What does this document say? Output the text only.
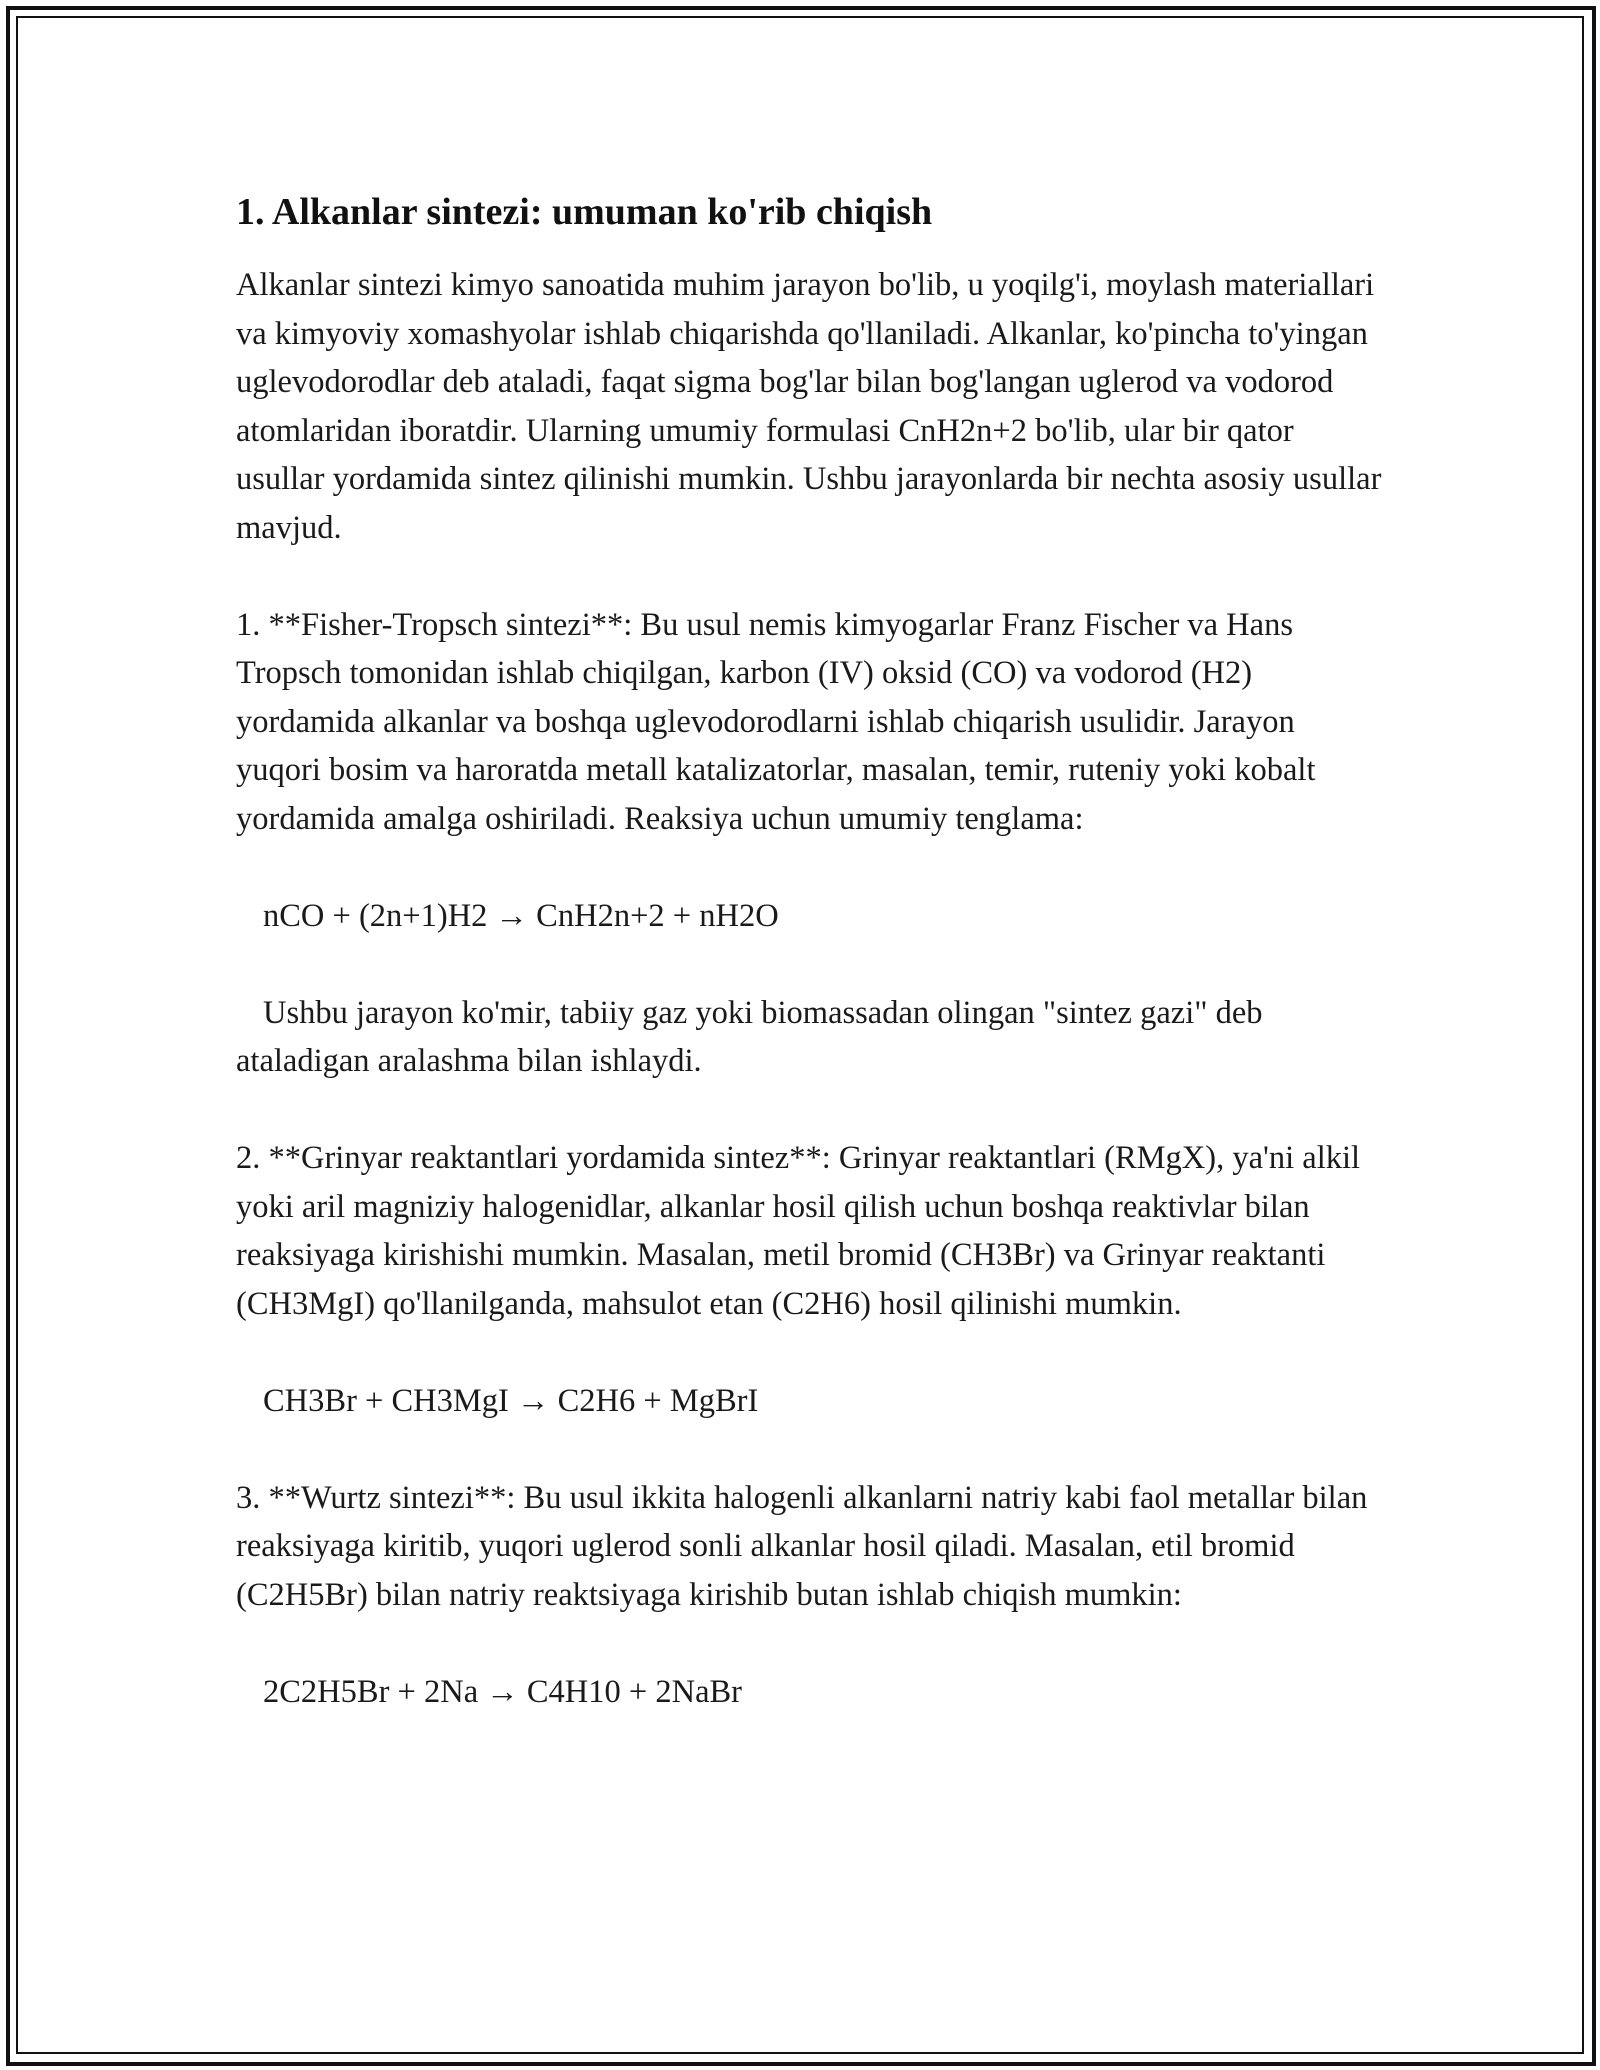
1. Alkanlar sintezi: umuman ko'rib chiqish

Alkanlar sintezi kimyo sanoatida muhim jarayon bo'lib, u yoqilg'i, moylash materiallari va kimyoviy xomashyolar ishlab chiqarishda qo'llaniladi. Alkanlar, ko'pincha to'yingan uglevodorodlar deb ataladi, faqat sigma bog'lar bilan bog'langan uglerod va vodorod atomlaridan iboratdir. Ularning umumiy formulasi CnH2n+2 bo'lib, ular bir qator usullar yordamida sintez qilinishi mumkin. Ushbu jarayonlarda bir nechta asosiy usullar mavjud.

1. **Fisher-Tropsch sintezi**: Bu usul nemis kimyogarlar Franz Fischer va Hans Tropsch tomonidan ishlab chiqilgan, karbon (IV) oksid (CO) va vodorod (H2) yordamida alkanlar va boshqa uglevodorodlarni ishlab chiqarish usulidir. Jarayon yuqori bosim va haroratda metall katalizatorlar, masalan, temir, ruteniy yoki kobalt yordamida amalga oshiriladi. Reaksiya uchun umumiy tenglama:

nCO + (2n+1)H2 → CnH2n+2 + nH2O

Ushbu jarayon ko'mir, tabiiy gaz yoki biomassadan olingan "sintez gazi" deb ataladigan aralashma bilan ishlaydi.

2. **Grinyar reaktantlari yordamida sintez**: Grinyar reaktantlari (RMgX), ya'ni alkil yoki aril magniziy halogenidlar, alkanlar hosil qilish uchun boshqa reaktivlar bilan reaksiyaga kirishishi mumkin. Masalan, metil bromid (CH3Br) va Grinyar reaktanti (CH3MgI) qo'llanilganda, mahsulot etan (C2H6) hosil qilinishi mumkin.

CH3Br + CH3MgI → C2H6 + MgBrI

3. **Wurtz sintezi**: Bu usul ikkita halogenli alkanlarni natriy kabi faol metallar bilan reaksiyaga kiritib, yuqori uglerod sonli alkanlar hosil qiladi. Masalan, etil bromid (C2H5Br) bilan natriy reaktsiyaga kirishib butan ishlab chiqish mumkin:

2C2H5Br + 2Na → C4H10 + 2NaBr
